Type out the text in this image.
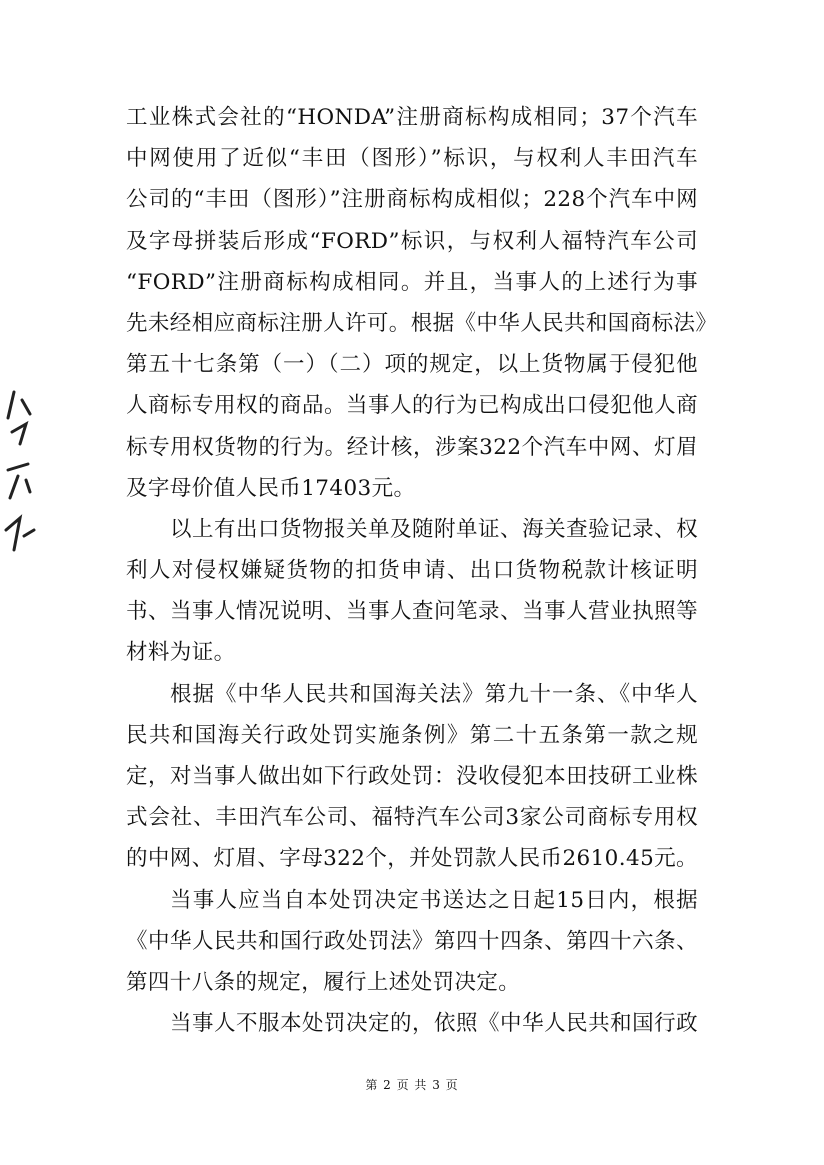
工业株式会社的“HONDA”注册商标构成相同；37个汽车
中网使用了近似“丰田（图形）”标识，与权利人丰田汽车
公司的“丰田（图形）”注册商标构成相似；228个汽车中网
及字母拼装后形成“FORD”标识，与权利人福特汽车公司
“FORD”注册商标构成相同。并且，当事人的上述行为事
先未经相应商标注册人许可。根据《中华人民共和国商标法》
第五十七条第（一）（二）项的规定，以上货物属于侵犯他
人商标专用权的商品。当事人的行为已构成出口侵犯他人商
标专用权货物的行为。经计核，涉案322个汽车中网、灯眉
及字母价值人民币17403元。
以上有出口货物报关单及随附单证、海关查验记录、权
利人对侵权嫌疑货物的扣货申请、出口货物税款计核证明
书、当事人情况说明、当事人查问笔录、当事人营业执照等
材料为证。
根据《中华人民共和国海关法》第九十一条、《中华人
民共和国海关行政处罚实施条例》第二十五条第一款之规
定，对当事人做出如下行政处罚：没收侵犯本田技研工业株
式会社、丰田汽车公司、福特汽车公司3家公司商标专用权
的中网、灯眉、字母322个，并处罚款人民币2610.45元。
当事人应当自本处罚决定书送达之日起15日内，根据
《中华人民共和国行政处罚法》第四十四条、第四十六条、
第四十八条的规定，履行上述处罚决定。
当事人不服本处罚决定的，依照《中华人民共和国行政
第 2 页 共 3 页
